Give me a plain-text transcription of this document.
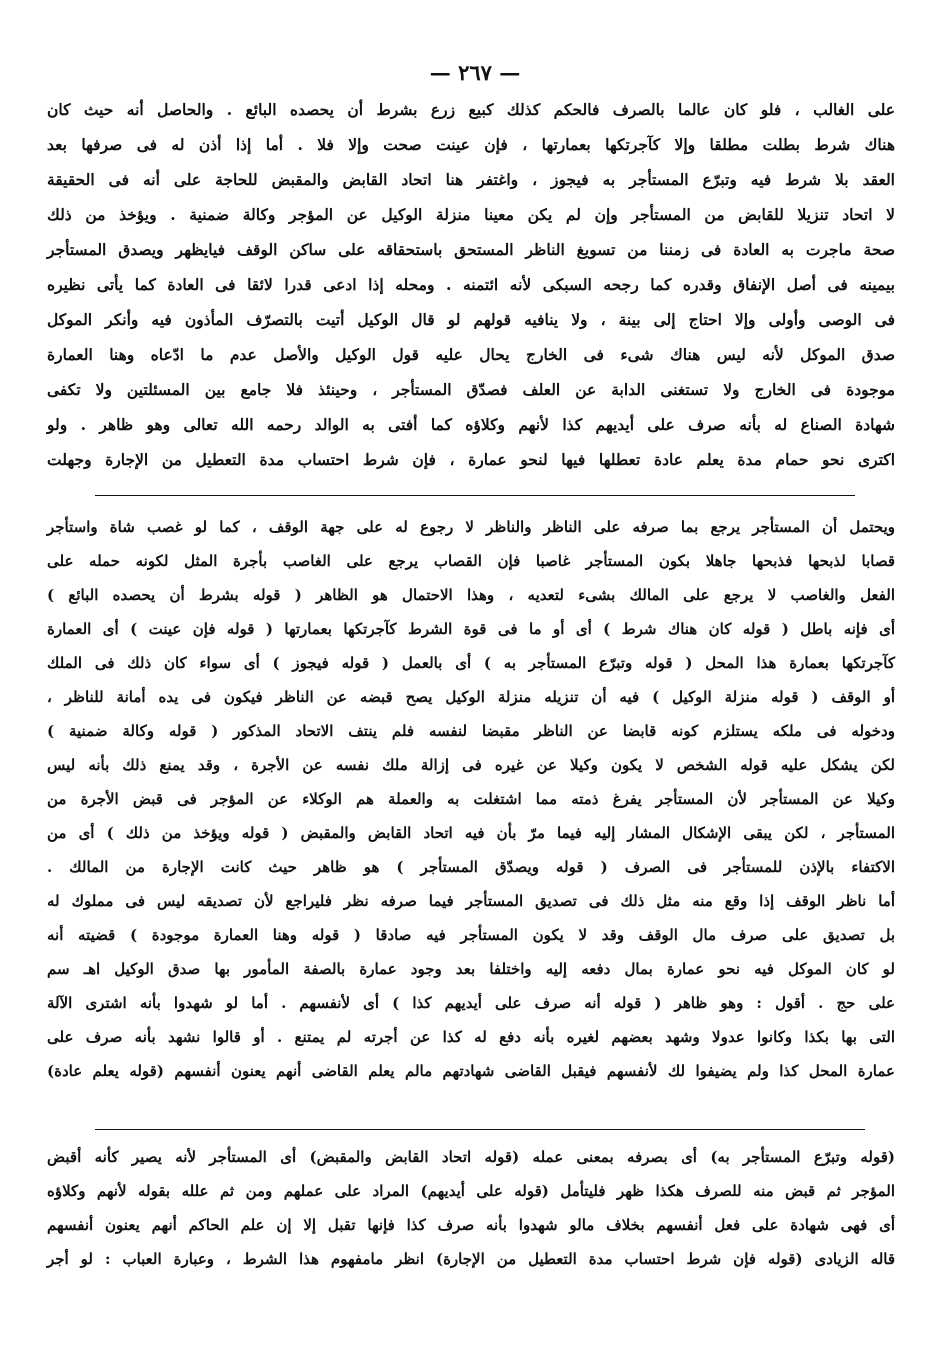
— ٢٦٧ —
على الغالب ، فلو كان عالما بالصرف فالحكم كذلك كبيع زرع بشرط أن يحصده البائع . والحاصل أنه حيث كان
هناك شرط بطلت مطلقا وإلا كآجرتكها بعمارتها ، فإن عينت صحت وإلا فلا . أما إذا أذن له فى صرفها بعد
العقد بلا شرط فيه وتبرّع المستأجر به فيجوز ، واغتفر هنا اتحاد القابض والمقبض للحاجة على أنه فى الحقيقة
لا اتحاد تنزيلا للقابض من المستأجر وإن لم يكن معينا منزلة الوكيل عن المؤجر وكالة ضمنية . ويؤخذ من ذلك
صحة ماجرت به العادة فى زمننا من تسويغ الناظر المستحق باستحقاقه على ساكن الوقف فيايظهر ويصدق المستأجر
بيمينه فى أصل الإنفاق وقدره كما رجحه السبكى لأنه ائتمنه . ومحله إذا ادعى قدرا لائقا فى العادة كما يأتى نظيره
فى الوصى وأولى وإلا احتاج إلى بينة ، ولا ينافيه قولهم لو قال الوكيل أتيت بالتصرّف المأذون فيه وأنكر الموكل
صدق الموكل لأنه ليس هناك شىء فى الخارج يحال عليه قول الوكيل والأصل عدم ما ادّعاه وهنا العمارة
موجودة فى الخارج ولا تستغنى الدابة عن العلف فصدّق المستأجر ، وحينئذ فلا جامع بين المسئلتين ولا تكفى
شهادة الصناع له بأنه صرف على أيديهم كذا لأنهم وكلاؤه كما أفتى به الوالد رحمه الله تعالى وهو ظاهر . ولو
اكترى نحو حمام مدة يعلم عادة تعطلها فيها لنحو عمارة ، فإن شرط احتساب مدة التعطيل من الإجارة وجهلت
ويحتمل أن المستأجر يرجع بما صرفه على الناظر والناظر لا رجوع له على جهة الوقف ، كما لو غصب شاة واستأجر
قصابا لذبحها فذبحها جاهلا بكون المستأجر غاصبا فإن القصاب يرجع على الغاصب بأجرة المثل لكونه حمله على
الفعل والغاصب لا يرجع على المالك بشىء لتعديه ، وهذا الاحتمال هو الظاهر ( قوله بشرط أن يحصده البائع )
أى فإنه باطل ( قوله كان هناك شرط ) أى أو ما فى قوة الشرط كآجرتكها بعمارتها ( قوله فإن عينت ) أى العمارة
كآجرتكها بعمارة هذا المحل ( قوله وتبرّع المستأجر به ) أى بالعمل ( قوله فيجوز ) أى سواء كان ذلك فى الملك
أو الوقف ( قوله منزلة الوكيل ) فيه أن تنزيله منزلة الوكيل يصح قبضه عن الناظر فيكون فى يده أمانة للناظر ،
ودخوله فى ملكه يستلزم كونه قابضا عن الناظر مقبضا لنفسه فلم ينتف الاتحاد المذكور ( قوله وكالة ضمنية )
لكن يشكل عليه قوله الشخص لا يكون وكيلا عن غيره فى إزالة ملك نفسه عن الأجرة ، وقد يمنع ذلك بأنه ليس
وكيلا عن المستأجر لأن المستأجر يفرغ ذمته مما اشتغلت به والعملة هم الوكلاء عن المؤجر فى قبض الأجرة من
المستأجر ، لكن يبقى الإشكال المشار إليه فيما مرّ بأن فيه اتحاد القابض والمقبض ( قوله ويؤخذ من ذلك ) أى من
الاكتفاء بالإذن للمستأجر فى الصرف ( قوله ويصدّق المستأجر ) هو ظاهر حيث كانت الإجارة من المالك .
أما ناظر الوقف إذا وقع منه مثل ذلك فى تصديق المستأجر فيما صرفه نظر فليراجع لأن تصديقه ليس فى مملوك له
بل تصديق على صرف مال الوقف وقد لا يكون المستأجر فيه صادقا ( قوله وهنا العمارة موجودة ) قضيته أنه
لو كان الموكل فيه نحو عمارة بمال دفعه إليه واختلفا بعد وجود عمارة بالصفة المأمور بها صدق الوكيل اهـ سم
على حج . أقول : وهو ظاهر ( قوله أنه صرف على أيديهم كذا ) أى لأنفسهم . أما لو شهدوا بأنه اشترى الآلة
التى بها بكذا وكانوا عدولا وشهد بعضهم لغيره بأنه دفع له كذا عن أجرته لم يمتنع . أو قالوا نشهد بأنه صرف على
عمارة المحل كذا ولم يضيفوا لك لأنفسهم فيقبل القاضى شهادتهم مالم يعلم القاضى أنهم يعنون أنفسهم (قوله يعلم عادة)
(قوله وتبرّع المستأجر به) أى بصرفه بمعنى عمله (قوله اتحاد القابض والمقبض) أى المستأجر لأنه يصير كأنه أقبض
المؤجر ثم قبض منه للصرف هكذا ظهر فليتأمل (قوله على أيديهم) المراد على عملهم ومن ثم علله بقوله لأنهم وكلاؤه
أى فهى شهادة على فعل أنفسهم بخلاف مالو شهدوا بأنه صرف كذا فإنها تقبل إلا إن علم الحاكم أنهم يعنون أنفسهم
قاله الزيادى (قوله فإن شرط احتساب مدة التعطيل من الإجارة) انظر مامفهوم هذا الشرط ، وعبارة العباب : لو أجر
